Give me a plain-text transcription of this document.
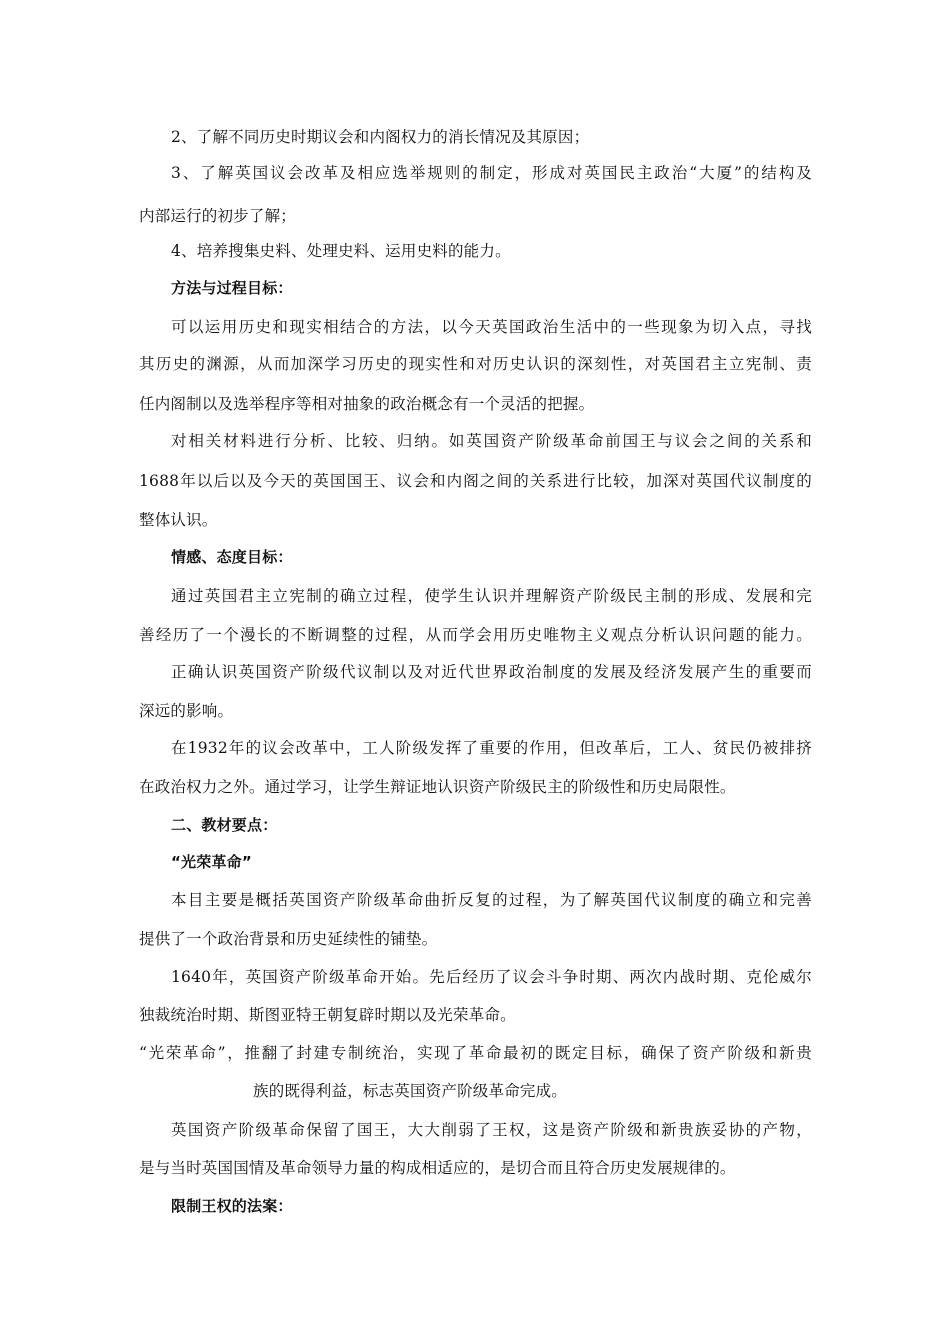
2、了解不同历史时期议会和内阁权力的消长情况及其原因；
3、了解英国议会改革及相应选举规则的制定，形成对英国民主政治“大厦”的结构及
内部运行的初步了解；
4、培养搜集史料、处理史料、运用史料的能力。
方法与过程目标：
可以运用历史和现实相结合的方法，以今天英国政治生活中的一些现象为切入点，寻找
其历史的渊源，从而加深学习历史的现实性和对历史认识的深刻性，对英国君主立宪制、责
任内阁制以及选举程序等相对抽象的政治概念有一个灵活的把握。
对相关材料进行分析、比较、归纳。如英国资产阶级革命前国王与议会之间的关系和
1688年以后以及今天的英国国王、议会和内阁之间的关系进行比较，加深对英国代议制度的
整体认识。
情感、态度目标：
通过英国君主立宪制的确立过程，使学生认识并理解资产阶级民主制的形成、发展和完
善经历了一个漫长的不断调整的过程，从而学会用历史唯物主义观点分析认识问题的能力。
正确认识英国资产阶级代议制以及对近代世界政治制度的发展及经济发展产生的重要而
深远的影响。
在1932年的议会改革中，工人阶级发挥了重要的作用，但改革后，工人、贫民仍被排挤
在政治权力之外。通过学习，让学生辩证地认识资产阶级民主的阶级性和历史局限性。
二、教材要点：
“光荣革命”
本目主要是概括英国资产阶级革命曲折反复的过程，为了解英国代议制度的确立和完善
提供了一个政治背景和历史延续性的铺垫。
1640年，英国资产阶级革命开始。先后经历了议会斗争时期、两次内战时期、克伦威尔
独裁统治时期、斯图亚特王朝复辟时期以及光荣革命。
“光荣革命”，推翻了封建专制统治，实现了革命最初的既定目标，确保了资产阶级和新贵
族的既得利益，标志英国资产阶级革命完成。
英国资产阶级革命保留了国王，大大削弱了王权，这是资产阶级和新贵族妥协的产物，
是与当时英国国情及革命领导力量的构成相适应的，是切合而且符合历史发展规律的。
限制王权的法案：
